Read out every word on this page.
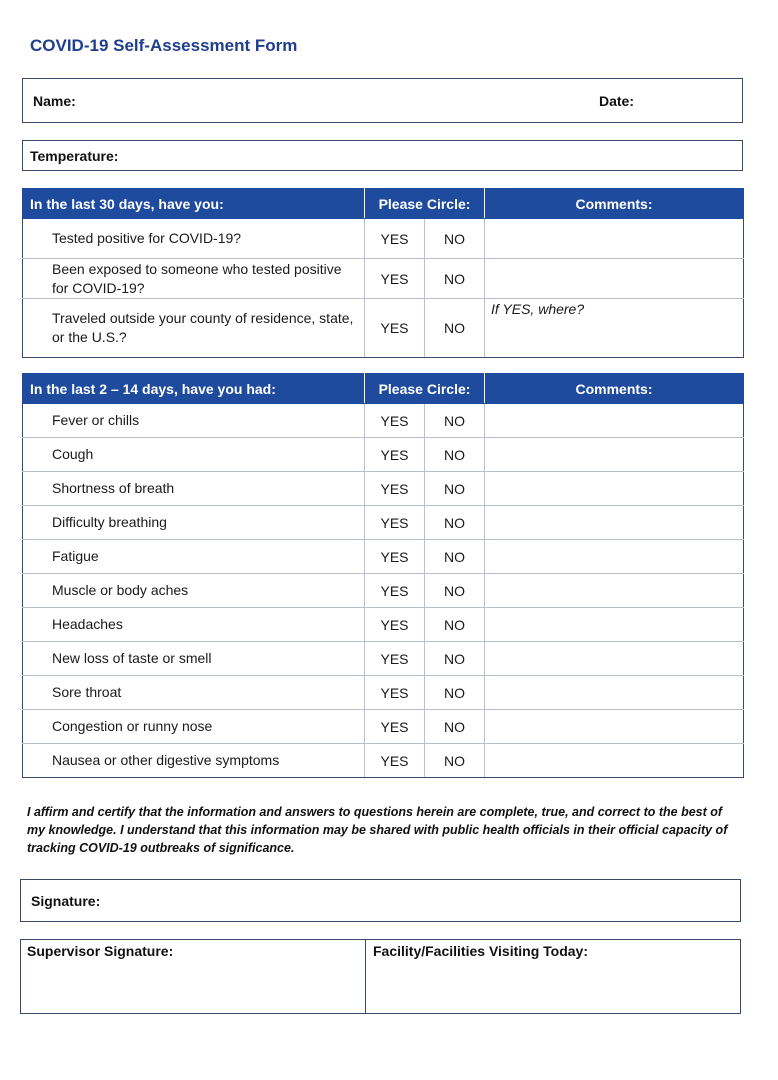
COVID-19 Self-Assessment Form
Name:	Date:
Temperature:
In the last 30 days, have you:	Please Circle:		Comments:
Tested positive for COVID-19?	YES	NO	
Been exposed to someone who tested positive for COVID-19?	YES	NO	
Traveled outside your county of residence, state, or the U.S.?	YES	NO	If YES, where?
In the last 2 – 14 days, have you had:	Please Circle:		Comments:
Fever or chills	YES	NO	
Cough	YES	NO	
Shortness of breath	YES	NO	
Difficulty breathing	YES	NO	
Fatigue	YES	NO	
Muscle or body aches	YES	NO	
Headaches	YES	NO	
New loss of taste or smell	YES	NO	
Sore throat	YES	NO	
Congestion or runny nose	YES	NO	
Nausea or other digestive symptoms	YES	NO	

I affirm and certify that the information and answers to questions herein are complete, true, and correct to the best of my knowledge. I understand that this information may be shared with public health officials in their official capacity of tracking COVID-19 outbreaks of significance.

Signature:
Supervisor Signature:	Facility/Facilities Visiting Today:
